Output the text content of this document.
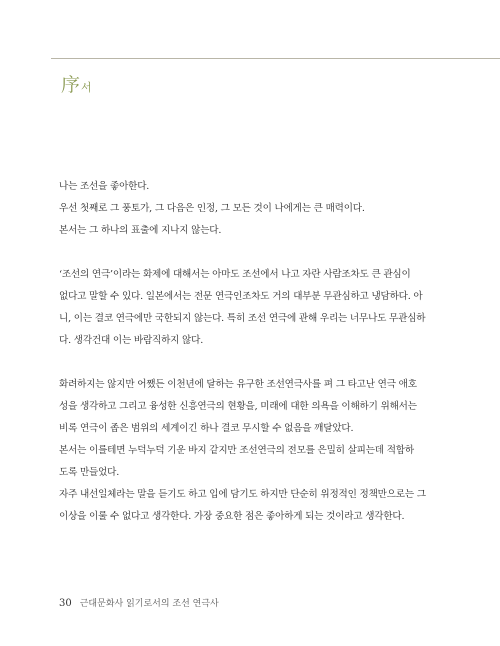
序서

나는 조선을 좋아한다.

우선 첫째로 그 풍토가, 그 다음은 인정, 그 모든 것이 나에게는 큰 매력이다.

본서는 그 하나의 표출에 지나지 않는다.

‘조선의 연극’이라는 화제에 대해서는 아마도 조선에서 나고 자란 사람조차도 큰 관심이

없다고 말할 수 있다. 일본에서는 전문 연극인조차도 거의 대부분 무관심하고 냉담하다. 아

니, 이는 결코 연극에만 국한되지 않는다. 특히 조선 연극에 관해 우리는 너무나도 무관심하

다. 생각건대 이는 바람직하지 않다.

화려하지는 않지만 어쨌든 이천년에 달하는 유구한 조선연극사를 펴 그 타고난 연극 애호

성을 생각하고 그리고 융성한 신흥연극의 현황을, 미래에 대한 의욕을 이해하기 위해서는

비록 연극이 좁은 범위의 세계이긴 하나 결코 무시할 수 없음을 깨달았다.

본서는 이를테면 누덕누덕 기운 바지 같지만 조선연극의 전모를 은밀히 살피는데 적합하

도록 만들었다.

자주 내선일체라는 말을 듣기도 하고 입에 담기도 하지만 단순히 위정적인 정책만으로는 그

이상을 이룰 수 없다고 생각한다. 가장 중요한 점은 좋아하게 되는 것이라고 생각한다.

30 근대문화사 읽기로서의 조선 연극사
